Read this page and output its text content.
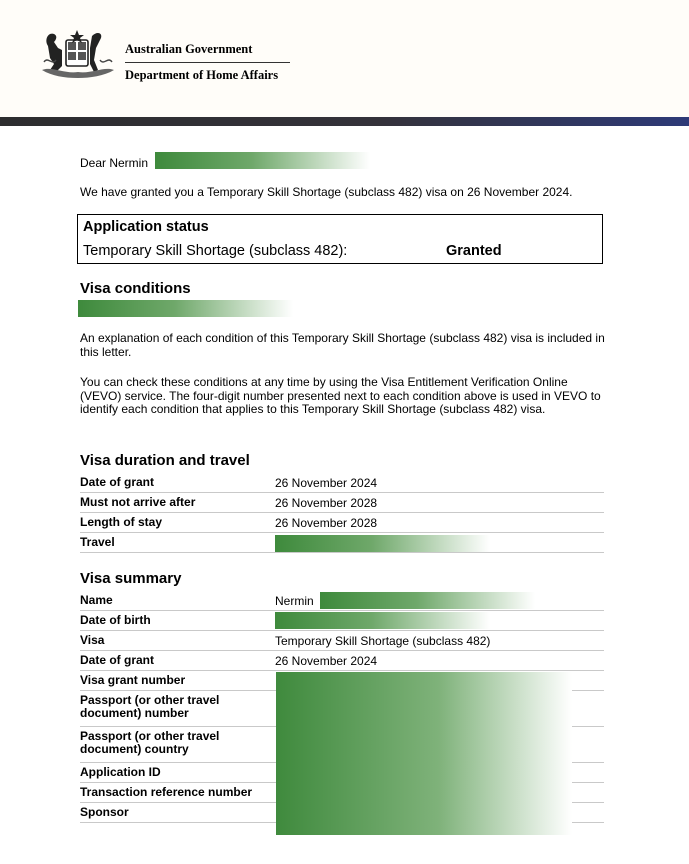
Australian Government
Department of Home Affairs
Dear Nermin
We have granted you a Temporary Skill Shortage (subclass 482) visa on 26 November 2024.
Application status
Temporary Skill Shortage (subclass 482):	Granted
Visa conditions
An explanation of each condition of this Temporary Skill Shortage (subclass 482) visa is included in this letter.
You can check these conditions at any time by using the Visa Entitlement Verification Online (VEVO) service. The four-digit number presented next to each condition above is used in VEVO to identify each condition that applies to this Temporary Skill Shortage (subclass 482) visa.
Visa duration and travel
Date of grant	26 November 2024
Must not arrive after	26 November 2028
Length of stay	26 November 2028
Travel
Visa summary
Name	Nermin
Date of birth
Visa	Temporary Skill Shortage (subclass 482)
Date of grant	26 November 2024
Visa grant number
Passport (or other travel document) number
Passport (or other travel document) country
Application ID
Transaction reference number
Sponsor
